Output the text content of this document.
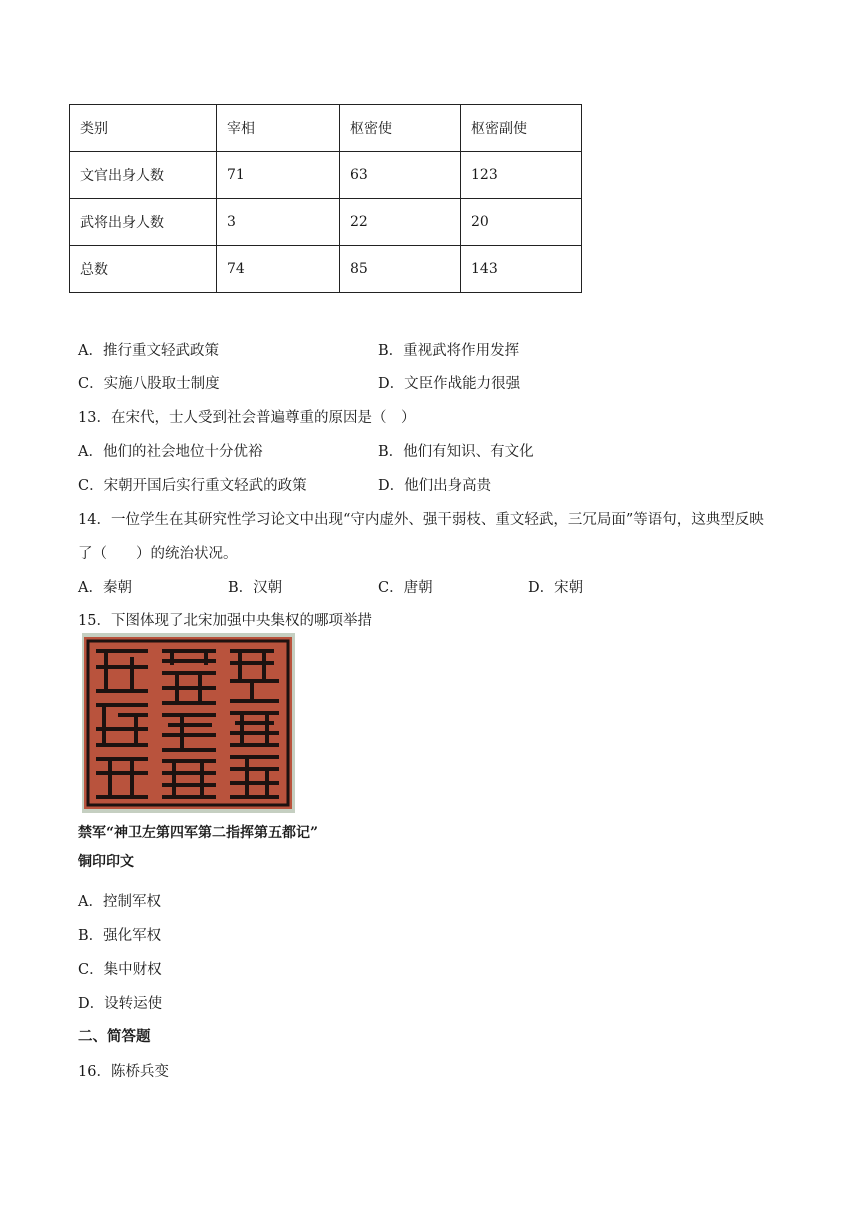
类别	宰相	枢密使	枢密副使
文官出身人数	71	63	123
武将出身人数	3	22	20
总数	74	85	143
A．推行重文轻武政策	B．重视武将作用发挥
C．实施八股取士制度	D．文臣作战能力很强
13．在宋代，士人受到社会普遍尊重的原因是（　）
A．他们的社会地位十分优裕	B．他们有知识、有文化
C．宋朝开国后实行重文轻武的政策	D．他们出身高贵
14．一位学生在其研究性学习论文中出现“守内虚外、强干弱枝、重文轻武，三冗局面”等语句，这典型反映
了（　　）的统治状况。
A．秦朝	B．汉朝	C．唐朝	D．宋朝
15．下图体现了北宋加强中央集权的哪项举措
禁军“神卫左第四军第二指挥第五都记”
铜印印文
A．控制军权
B．强化军权
C．集中财权
D．设转运使
二、简答题
16．陈桥兵变
